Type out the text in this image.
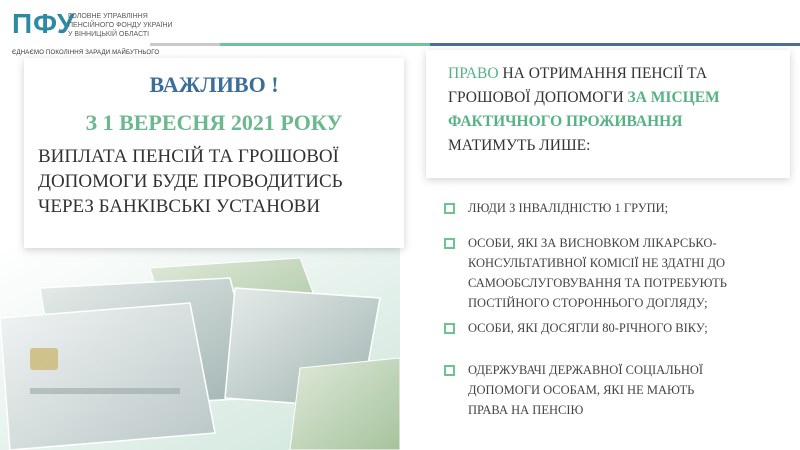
ПФУ
ГОЛОВНЕ УПРАВЛІННЯ
ПЕНСІЙНОГО ФОНДУ УКРАЇНИ
У ВІННИЦЬКІЙ ОБЛАСТІ
ЄДНАЄМО ПОКОЛІННЯ ЗАРАДИ МАЙБУТНЬОГО
ВАЖЛИВО !
З 1 ВЕРЕСНЯ 2021 РОКУ
ВИПЛАТА ПЕНСІЙ ТА ГРОШОВОЇ
ДОПОМОГИ БУДЕ ПРОВОДИТИСЬ
ЧЕРЕЗ БАНКІВСЬКІ УСТАНОВИ
ПРАВО НА ОТРИМАННЯ ПЕНСІЇ ТА
ГРОШОВОЇ ДОПОМОГИ ЗА МІСЦЕМ
ФАКТИЧНОГО ПРОЖИВАННЯ
МАТИМУТЬ ЛИШЕ:
ЛЮДИ З ІНВАЛІДНІСТЮ 1 ГРУПИ;
ОСОБИ, ЯКІ ЗА ВИСНОВКОМ ЛІКАРСЬКО-
КОНСУЛЬТАТИВНОЇ КОМІСІЇ НЕ ЗДАТНІ ДО
САМООБСЛУГОВУВАННЯ ТА ПОТРЕБУЮТЬ
ПОСТІЙНОГО СТОРОННЬОГО ДОГЛЯДУ;
ОСОБИ, ЯКІ ДОСЯГЛИ 80-РІЧНОГО ВІКУ;
ОДЕРЖУВАЧІ ДЕРЖАВНОЇ СОЦІАЛЬНОЇ
ДОПОМОГИ ОСОБАМ, ЯКІ НЕ МАЮТЬ
ПРАВА НА ПЕНСІЮ
